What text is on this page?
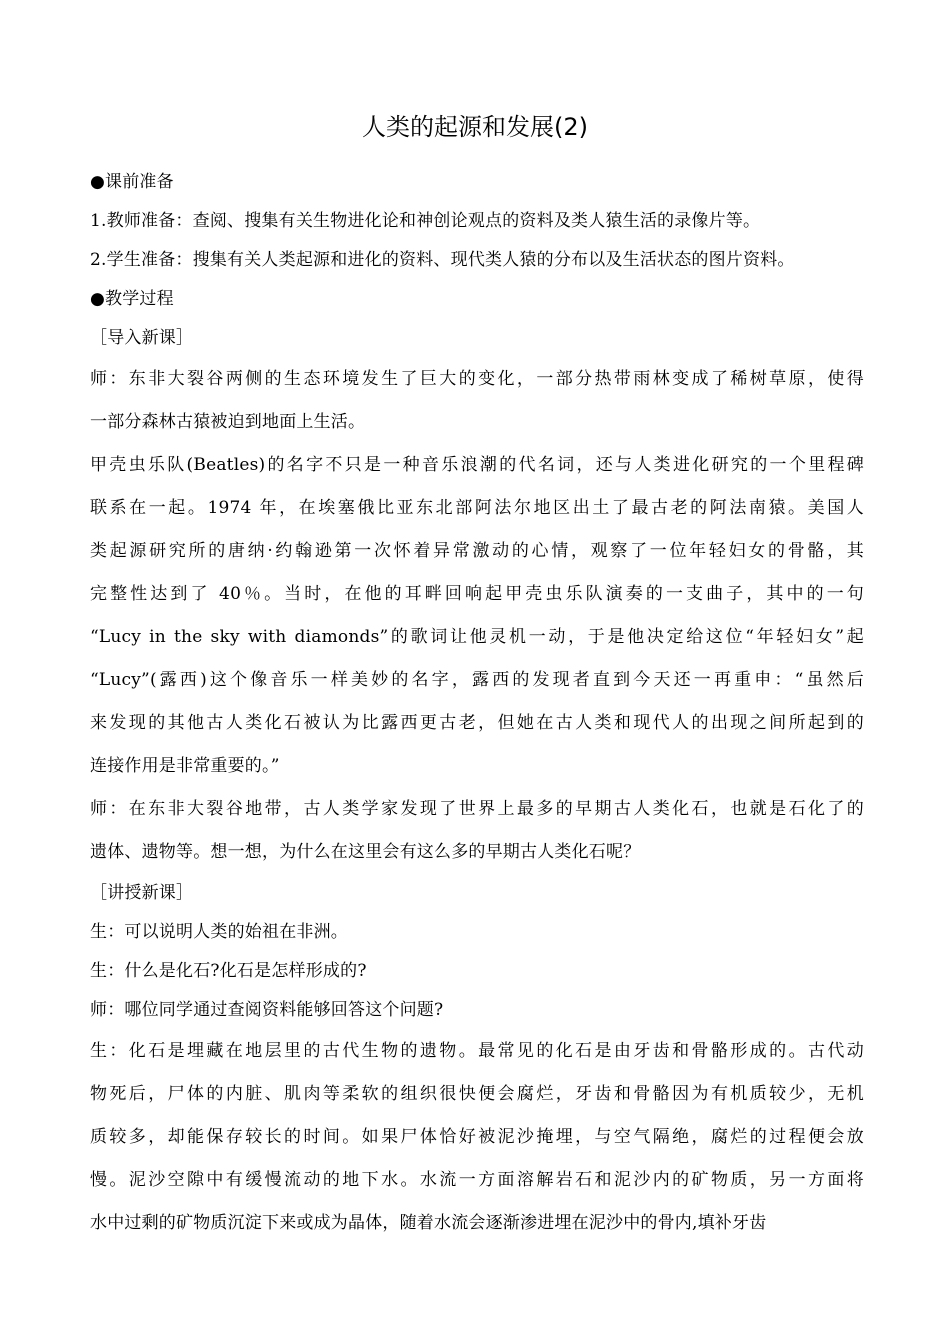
人类的起源和发展(2)
●课前准备
1.教师准备：查阅、搜集有关生物进化论和神创论观点的资料及类人猿生活的录像片等。
2.学生准备：搜集有关人类起源和进化的资料、现代类人猿的分布以及生活状态的图片资料。
●教学过程
［导入新课］
师：东非大裂谷两侧的生态环境发生了巨大的变化，一部分热带雨林变成了稀树草原，使得
一部分森林古猿被迫到地面上生活。
甲壳虫乐队(Beatles)的名字不只是一种音乐浪潮的代名词，还与人类进化研究的一个里程碑
联系在一起。1974 年，在埃塞俄比亚东北部阿法尔地区出土了最古老的阿法南猿。美国人
类起源研究所的唐纳·约翰逊第一次怀着异常激动的心情，观察了一位年轻妇女的骨骼，其
完整性达到了 40％。当时，在他的耳畔回响起甲壳虫乐队演奏的一支曲子，其中的一句
“Lucy in the sky with diamonds”的歌词让他灵机一动，于是他决定给这位“年轻妇女”起
“Lucy”(露西)这个像音乐一样美妙的名字，露西的发现者直到今天还一再重申：“虽然后
来发现的其他古人类化石被认为比露西更古老，但她在古人类和现代人的出现之间所起到的
连接作用是非常重要的。”
师：在东非大裂谷地带，古人类学家发现了世界上最多的早期古人类化石，也就是石化了的
遗体、遗物等。想一想，为什么在这里会有这么多的早期古人类化石呢？
［讲授新课］
生：可以说明人类的始祖在非洲。
生：什么是化石?化石是怎样形成的?
师：哪位同学通过查阅资料能够回答这个问题?
生：化石是埋藏在地层里的古代生物的遗物。最常见的化石是由牙齿和骨骼形成的。古代动
物死后，尸体的内脏、肌肉等柔软的组织很快便会腐烂，牙齿和骨骼因为有机质较少，无机
质较多，却能保存较长的时间。如果尸体恰好被泥沙掩埋，与空气隔绝，腐烂的过程便会放
慢。泥沙空隙中有缓慢流动的地下水。水流一方面溶解岩石和泥沙内的矿物质，另一方面将
水中过剩的矿物质沉淀下来或成为晶体，随着水流会逐渐渗进埋在泥沙中的骨内,填补牙齿
